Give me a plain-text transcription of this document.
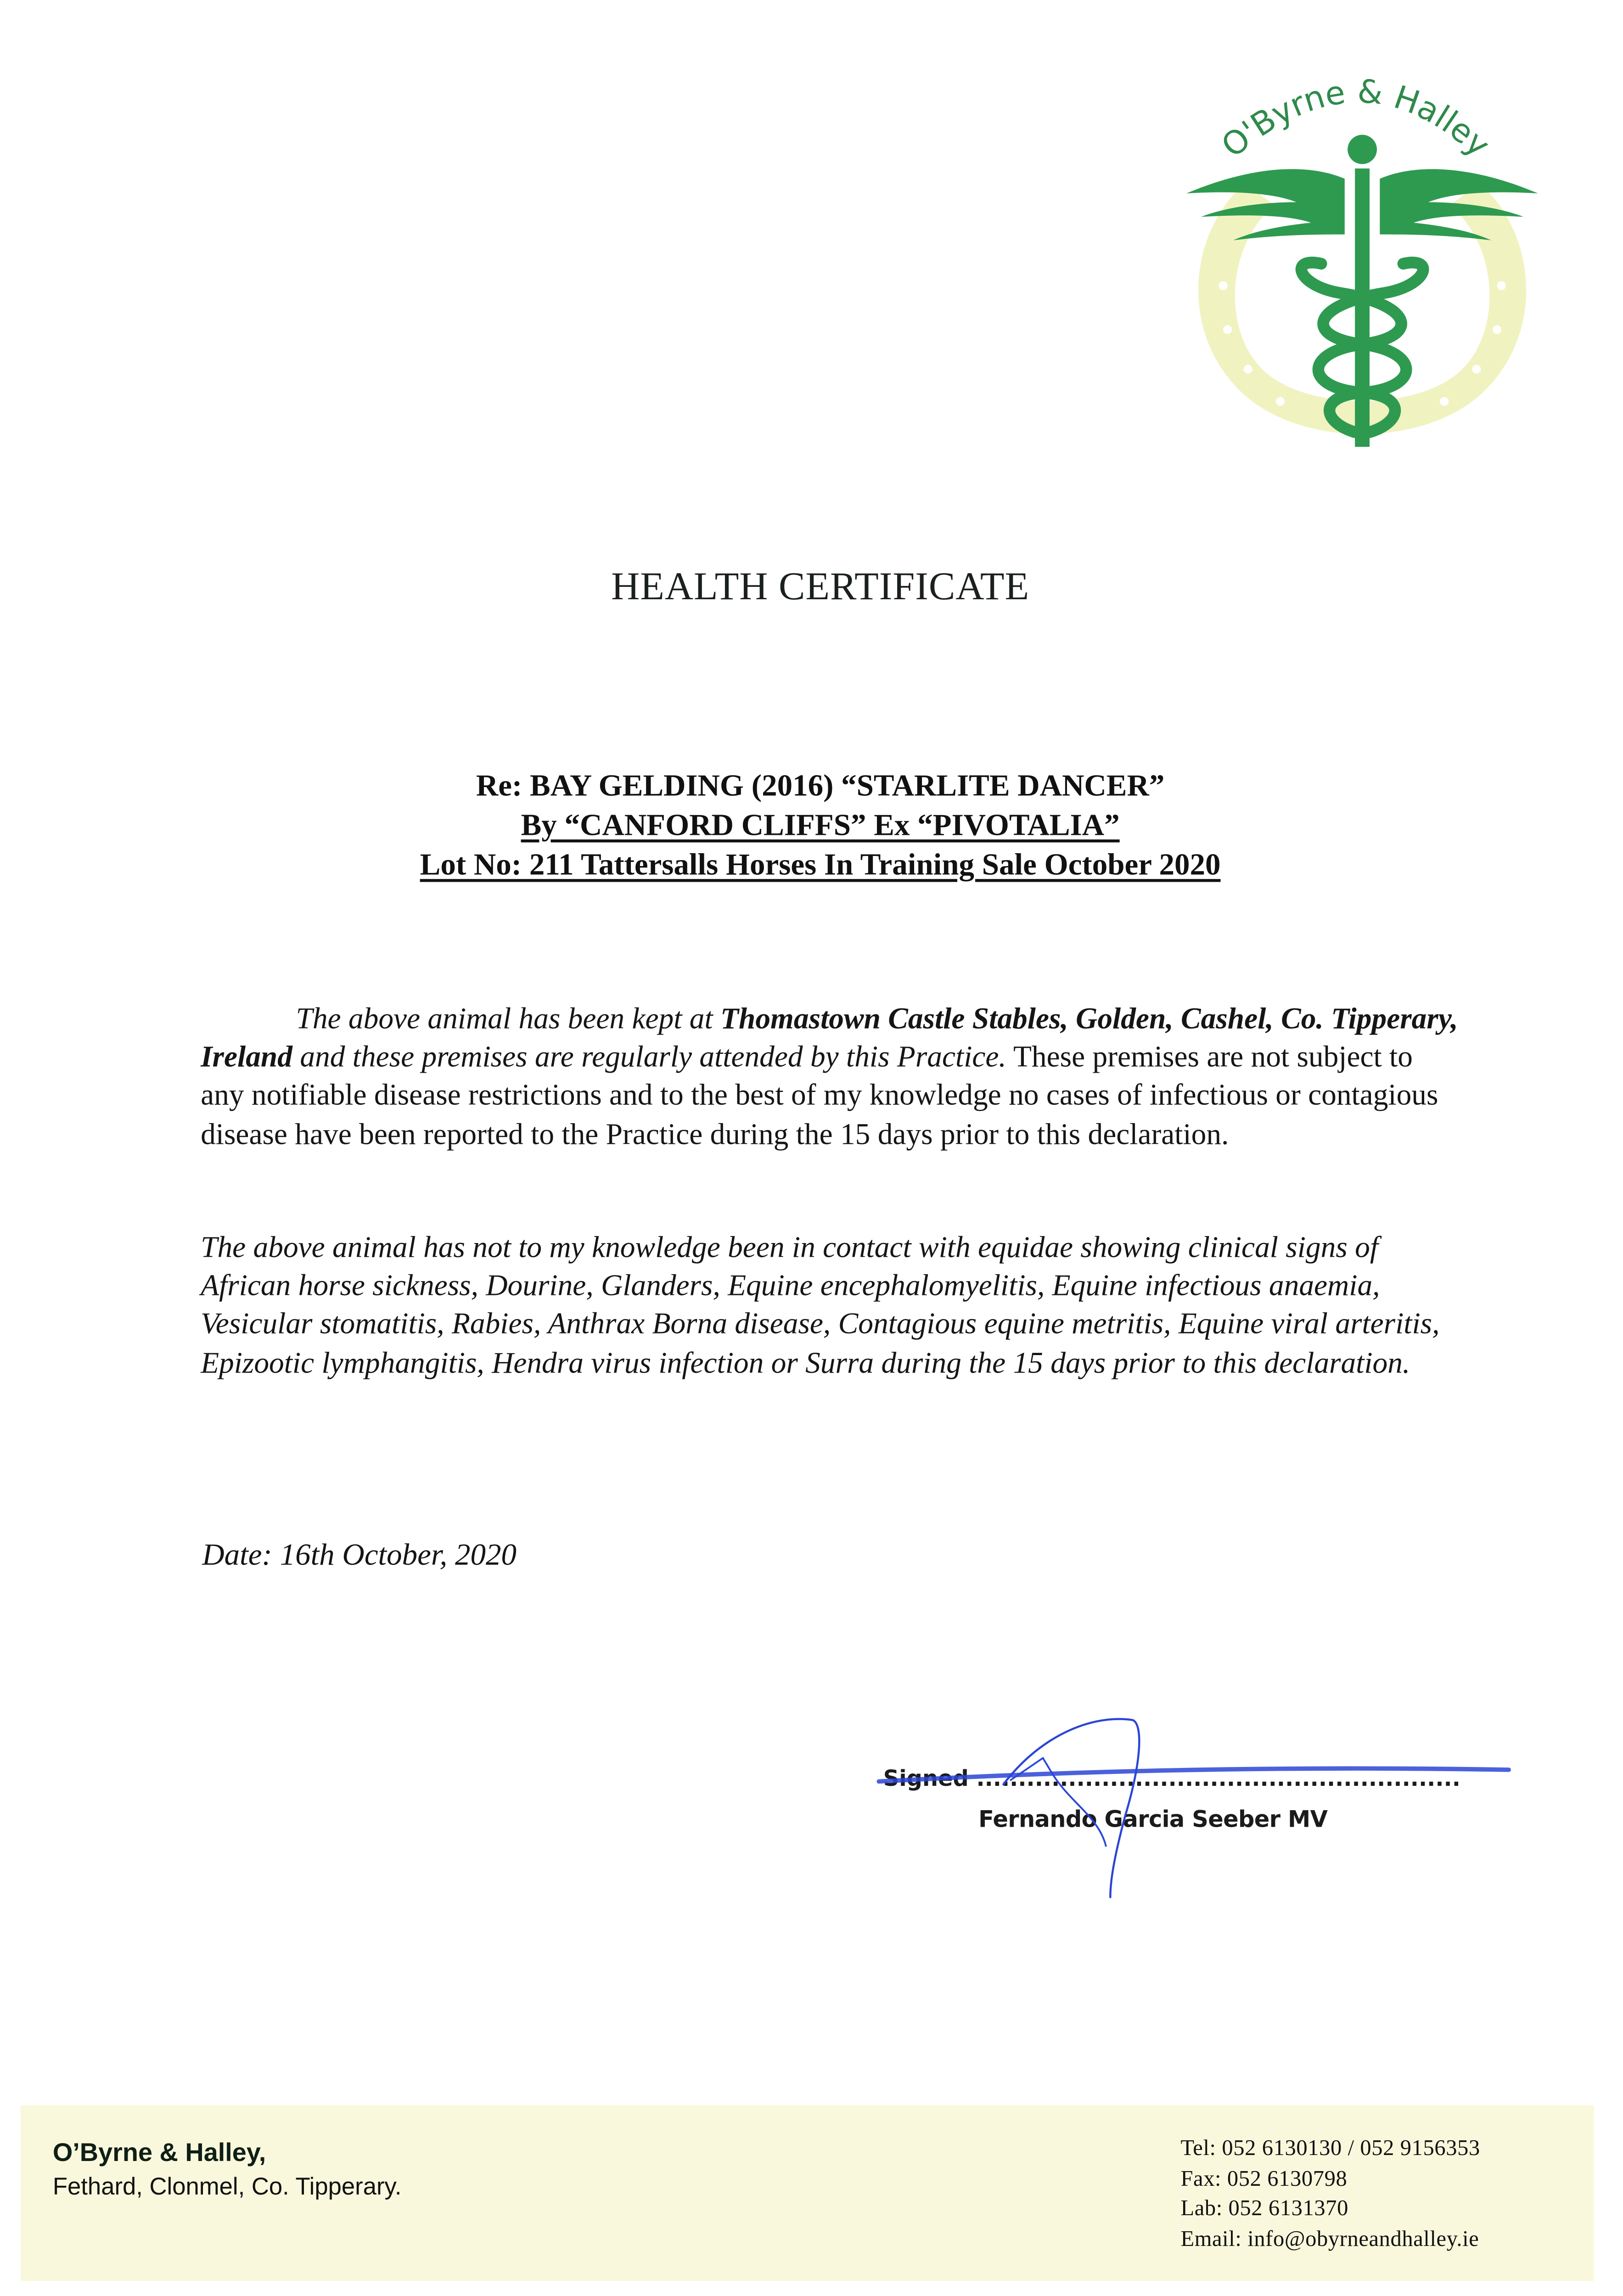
O'Byrne & Halley
HEALTH CERTIFICATE
Re: BAY GELDING (2016) “STARLITE DANCER”
By “CANFORD CLIFFS” Ex “PIVOTALIA”
Lot No: 211 Tattersalls Horses In Training Sale October 2020
The above animal has been kept at Thomastown Castle Stables, Golden, Cashel, Co. Tipperary, Ireland and these premises are regularly attended by this Practice. These premises are not subject to any notifiable disease restrictions and to the best of my knowledge no cases of infectious or contagious disease have been reported to the Practice during the 15 days prior to this declaration.
The above animal has not to my knowledge been in contact with equidae showing clinical signs of African horse sickness, Dourine, Glanders, Equine encephalomyelitis, Equine infectious anaemia, Vesicular stomatitis, Rabies, Anthrax Borna disease, Contagious equine metritis, Equine viral arteritis, Epizootic lymphangitis, Hendra virus infection or Surra during the 15 days prior to this declaration.
Date: 16th October, 2020
Signed ..........................................................
Fernando Garcia Seeber MV
O’Byrne & Halley,
Fethard, Clonmel, Co. Tipperary.
Tel: 052 6130130 / 052 9156353
Fax: 052 6130798
Lab: 052 6131370
Email: info@obyrneandhalley.ie
